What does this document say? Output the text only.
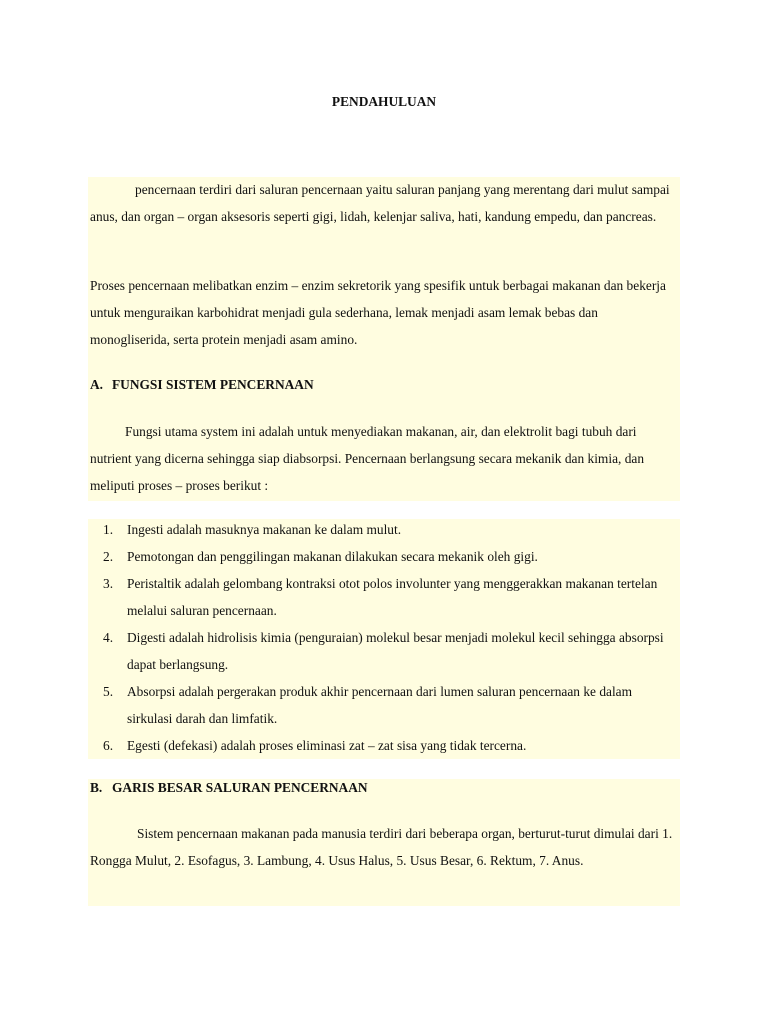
PENDAHULUAN

pencernaan terdiri dari saluran pencernaan yaitu saluran panjang yang merentang dari mulut sampai anus, dan organ – organ aksesoris seperti gigi, lidah, kelenjar saliva, hati, kandung empedu, dan pancreas.

Proses pencernaan melibatkan enzim – enzim sekretorik yang spesifik untuk berbagai makanan dan bekerja untuk menguraikan karbohidrat menjadi gula sederhana, lemak menjadi asam lemak bebas dan monogliserida, serta protein menjadi asam amino.

A. FUNGSI SISTEM PENCERNAAN

Fungsi utama system ini adalah untuk menyediakan makanan, air, dan elektrolit bagi tubuh dari nutrient yang dicerna sehingga siap diabsorpsi. Pencernaan berlangsung secara mekanik dan kimia, dan meliputi proses – proses berikut :

1. Ingesti adalah masuknya makanan ke dalam mulut.
2. Pemotongan dan penggilingan makanan dilakukan secara mekanik oleh gigi.
3. Peristaltik adalah gelombang kontraksi otot polos involunter yang menggerakkan makanan tertelan melalui saluran pencernaan.
4. Digesti adalah hidrolisis kimia (penguraian) molekul besar menjadi molekul kecil sehingga absorpsi dapat berlangsung.
5. Absorpsi adalah pergerakan produk akhir pencernaan dari lumen saluran pencernaan ke dalam sirkulasi darah dan limfatik.
6. Egesti (defekasi) adalah proses eliminasi zat – zat sisa yang tidak tercerna.
B. GARIS BESAR SALURAN PENCERNAAN

Sistem pencernaan makanan pada manusia terdiri dari beberapa organ, berturut-turut dimulai dari 1. Rongga Mulut, 2. Esofagus, 3. Lambung, 4. Usus Halus, 5. Usus Besar, 6. Rektum, 7. Anus.
